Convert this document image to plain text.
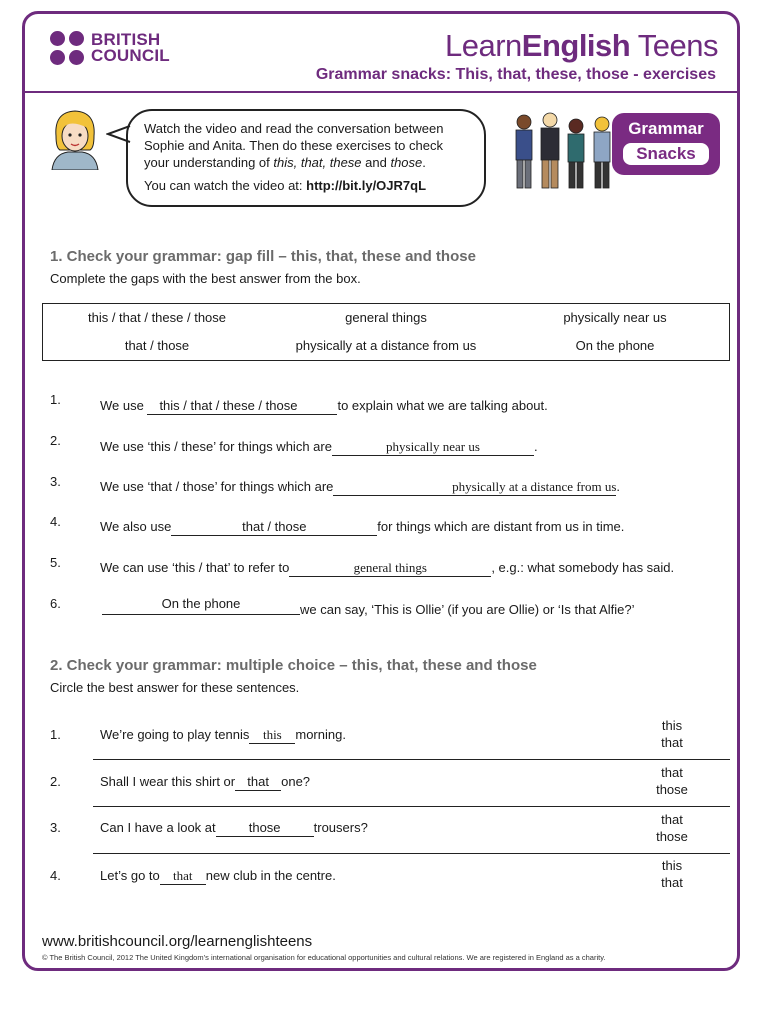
BRITISH
COUNCIL	LearnEnglish Teens
Grammar snacks: This, that, these, those - exercises

Watch the video and read the conversation between

Sophie and Anita. Then do these exercises to check

your understanding of this, that, these and those.

You can watch the video at: http://bit.ly/OJR7qL

Grammar
Snacks
1. Check your grammar: gap fill – this, that, these and those
Complete the gaps with the best answer from the box.
this / that / these / those	general things	physically near us
that / those	physically at a distance from us	On the phone
1.	We use this / that / these / those	to explain what we are talking about.
2.	We use ‘this / these’ for things which are	physically near us	.
3.	We use ‘that / those’ for things which are	physically at a distance from us.
4.	We also use	that / those	for things which are distant from us in time.
5.	We can use ‘this / that’ to refer to	general things	, e.g.: what somebody has said.
6.	On the phone	we can say, ‘This is Ollie’ (if you are Ollie) or ‘Is that Alfie?’
2. Check your grammar: multiple choice – this, that, these and those
Circle the best answer for these sentences.
1.	We’re going to play tennis this morning.
this
that
2.	Shall I wear this shirt or that one?
that
those
3.	Can I have a look at	those	trousers?
that
those
4.	Let’s go to that new club in the centre.
this
that
www.britishcouncil.org/learnenglishteens
© The British Council, 2012 The United Kingdom’s international organisation for educational opportunities and cultural relations. We are registered in England as a charity.
